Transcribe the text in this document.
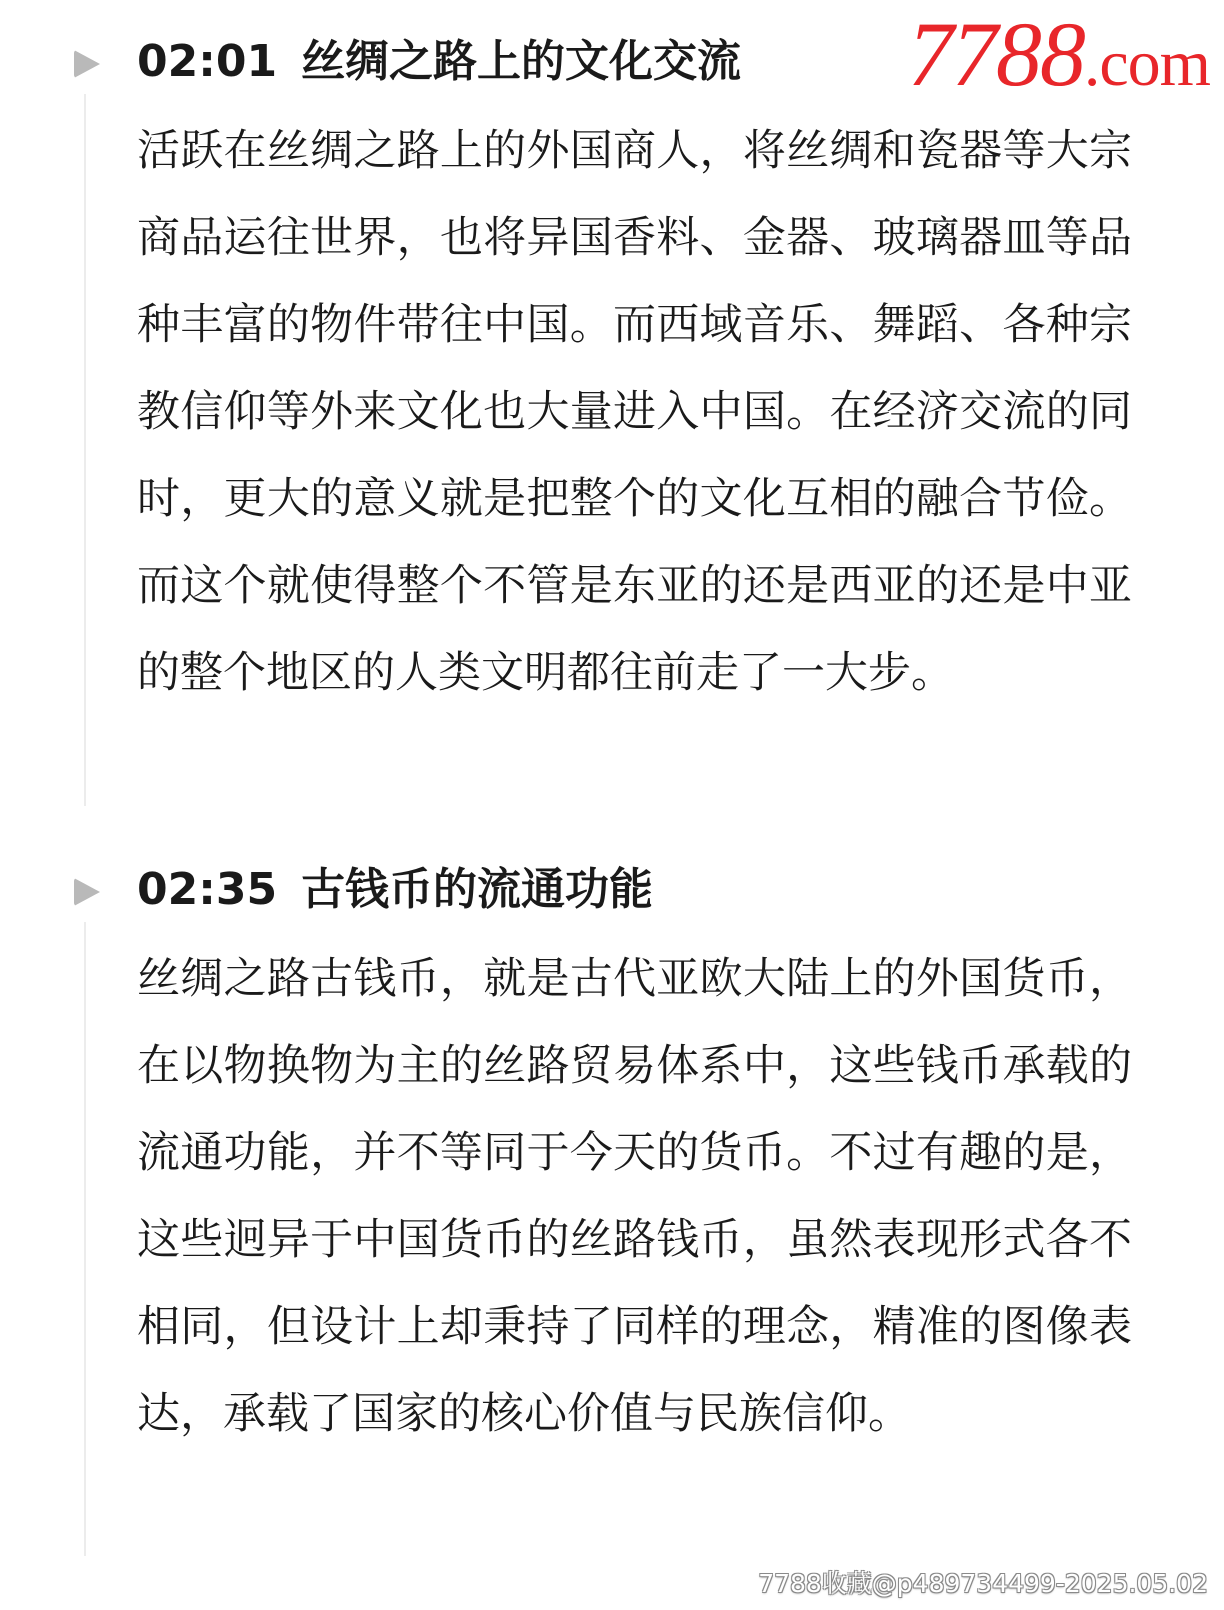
7788.com
02:01 丝绸之路上的文化交流

活跃在丝绸之路上的外国商人，将丝绸和瓷器等大宗商品运往世界，也将异国香料、金器、玻璃器皿等品种丰富的物件带往中国。而西域音乐、舞蹈、各种宗教信仰等外来文化也大量进入中国。在经济交流的同时，更大的意义就是把整个的文化互相的融合节俭。而这个就使得整个不管是东亚的还是西亚的还是中亚的整个地区的人类文明都往前走了一大步。

02:35 古钱币的流通功能

丝绸之路古钱币，就是古代亚欧大陆上的外国货币，在以物换物为主的丝路贸易体系中，这些钱币承载的流通功能，并不等同于今天的货币。不过有趣的是，这些迥异于中国货币的丝路钱币，虽然表现形式各不相同，但设计上却秉持了同样的理念，精准的图像表达，承载了国家的核心价值与民族信仰。

7788收藏@p489734499-2025.05.02
